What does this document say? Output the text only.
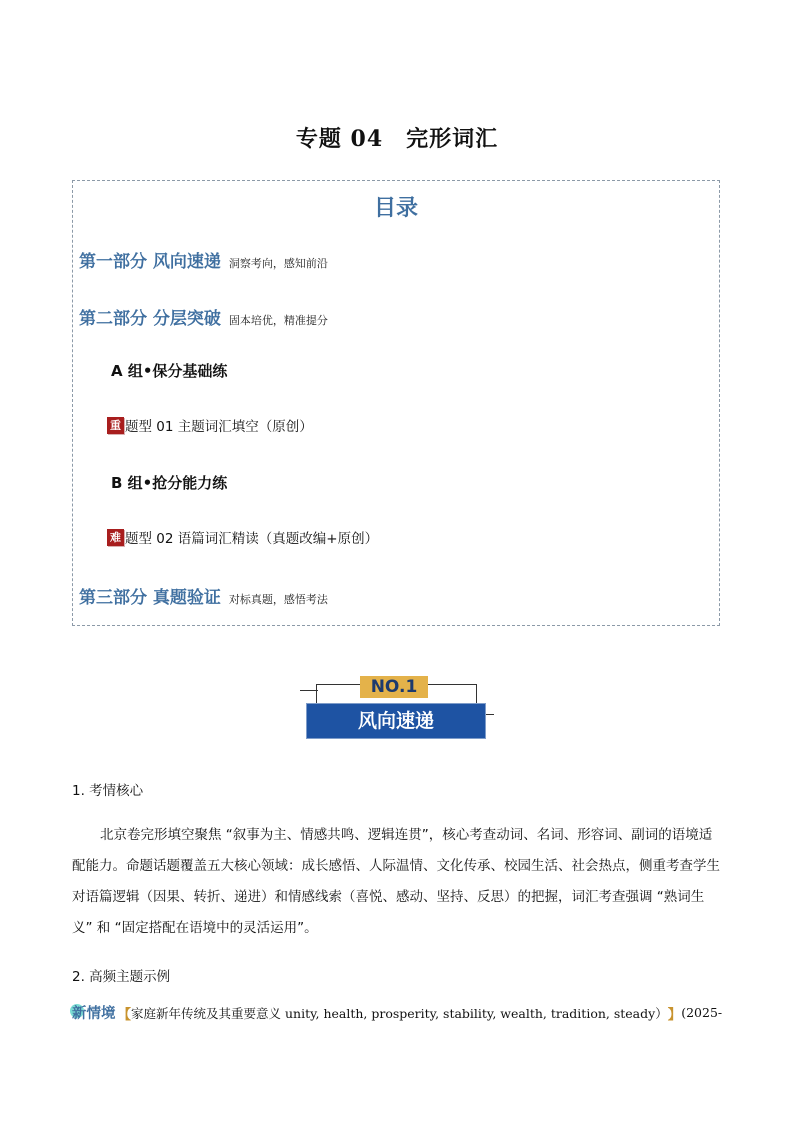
专题 04　完形词汇
目录
第一部分 风向速递 洞察考向，感知前沿
第二部分 分层突破 固本培优，精准提分
A 组•保分基础练
重 题型 01 主题词汇填空（原创）
B 组•抢分能力练
难 题型 02 语篇词汇精读（真题改编+原创）
第三部分 真题验证 对标真题，感悟考法
NO.1
风向速递
1. 考情核心
北京卷完形填空聚焦 “叙事为主、情感共鸣、逻辑连贯”，核心考查动词、名词、形容词、副词的语境适配能力。命题话题覆盖五大核心领域：成长感悟、人际温情、文化传承、校园生活、社会热点，侧重考查学生对语篇逻辑（因果、转折、递进）和情感线索（喜悦、感动、坚持、反思）的把握，词汇考查强调 “熟词生义” 和 “固定搭配在语境中的灵活运用”。
2. 高频主题示例
新情境 【 家庭新年传统及其重要意义 unity, health, prosperity, stability, wealth, tradition, steady） 】 (2025-
